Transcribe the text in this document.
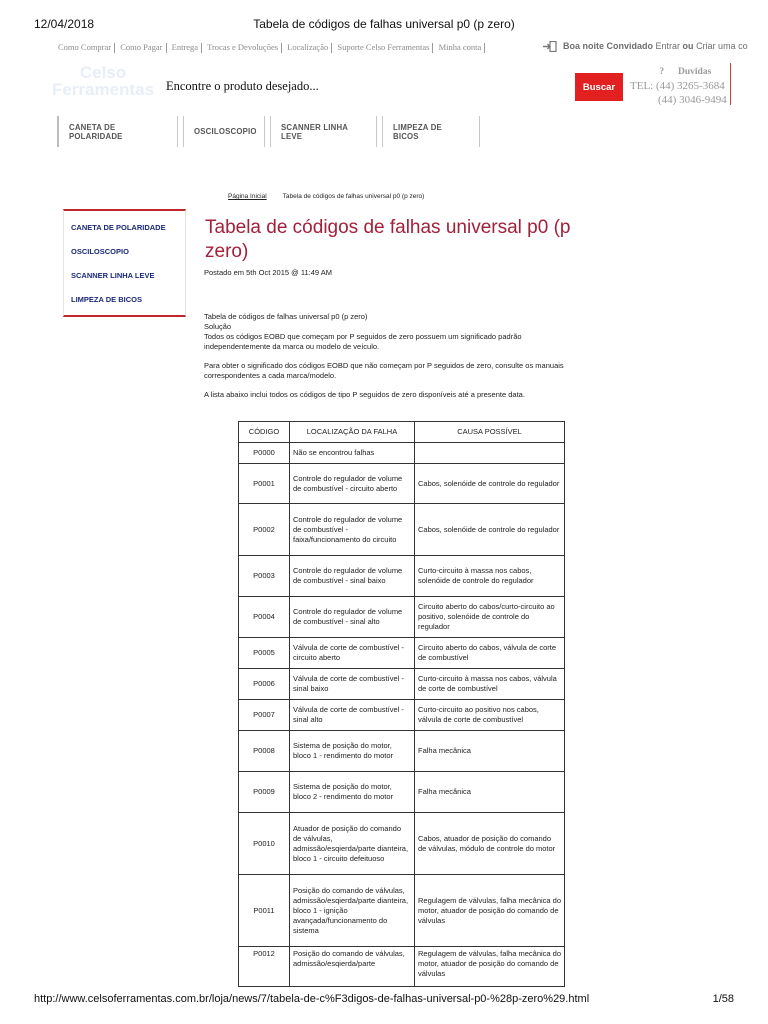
12/04/2018	Tabela de códigos de falhas universal p0 (p zero)
Como Comprar Como Pagar Entrega Trocas e Devoluções Localização Suporte Celso Ferramentas Minha conta	Boa noite Convidado Entrar ou Criar uma co
Celso
Ferramentas Encontre o produto desejado...	Buscar
? Duvidas
TEL: (44) 3265-3684
(44) 3046-9494
CANETA DE POLARIDADE	OSCILOSCOPIO	SCANNER LINHA LEVE
LIMPEZA DE BICOS
Página Inicial Tabela de códigos de falhas universal p0 (p zero)
CANETA DE POLARIDADE
OSCILOSCOPIO
SCANNER LINHA LEVE
LIMPEZA DE BICOS
Tabela de códigos de falhas universal p0 (p zero)
Postado em 5th Oct 2015 @ 11:49 AM

Tabela de códigos de falhas universal p0 (p zero)

Solução

Todos os códigos EOBD que começam por P seguidos de zero possuem um significado padrão independentemente da marca ou modelo de veículo.

Para obter o significado dos códigos EOBD que não começam por P seguidos de zero, consulte os manuais correspondentes a cada marca/modelo.

A lista abaixo inclui todos os códigos de tipo P seguidos de zero disponíveis até a presente data.

CÓDIGO	LOCALIZAÇÃO DA FALHA	CAUSA POSSÍVEL
P0000	Não se encontrou falhas	
P0001	Controle do regulador de volume de combustível - circuito aberto	Cabos, solenóide de controle do regulador
P0002	Controle do regulador de volume de combustível - faixa/funcionamento do circuito	Cabos, solenóide de controle do regulador
P0003	Controle do regulador de volume de combustível - sinal baixo	Curto-circuito à massa nos cabos, solenóide de controle do regulador
P0004	Controle do regulador de volume de combustível - sinal alto	Circuito aberto do cabos/curto-circuito ao positivo, solenóide de controle do regulador
P0005	Válvula de corte de combustível - circuito aberto	Circuito aberto do cabos, válvula de corte de combustível
P0006	Válvula de corte de combustível - sinal baixo	Curto-circuito à massa nos cabos, válvula de corte de combustível
P0007	Válvula de corte de combustível - sinal alto	Curto-circuito ao positivo nos cabos, válvula de corte de combustível
P0008	Sistema de posição do motor, bloco 1 - rendimento do motor	Falha mecânica
P0009	Sistema de posição do motor, bloco 2 - rendimento do motor	Falha mecânica
P0010	Atuador de posição do comando de válvulas, admissão/esqierda/parte dianteira, bloco 1 - circuito defeituoso	Cabos, atuador de posição do comando de válvulas, módulo de controle do motor
P0011	Posição do comando de válvulas, admissão/esqierda/parte dianteira, bloco 1 - ignição avançada/funcionamento do sistema	Regulagem de válvulas, falha mecânica do motor, atuador de posição do comando de válvulas
P0012	Posição do comando de válvulas, admissão/esqierda/parte	Regulagem de válvulas, falha mecânica do motor, atuador de posição do comando de válvulas
http://www.celsoferramentas.com.br/loja/news/7/tabela-de-c%F3digos-de-falhas-universal-p0-%28p-zero%29.html	1/58
